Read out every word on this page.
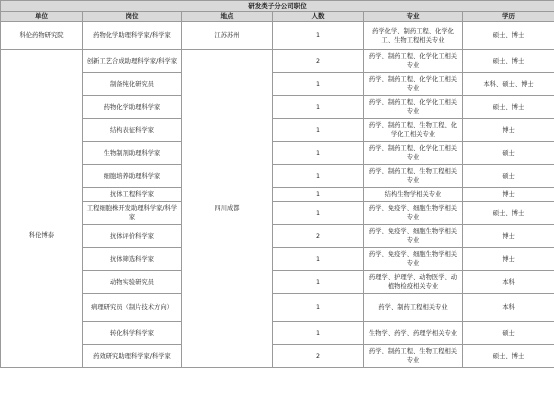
研发类子分公司职位					
单位	岗位	地点	人数	专业	学历
科伦药物研究院	药物化学助理科学家/科学家	江苏苏州	1	药学化学、制药工程、化学化工、生物工程相关专业	硕士、博士
科伦博泰	创新工艺合成助理科学家/科学家	四川成都	2	药学、制药工程、化学化工相关专业	硕士、博士
	制备纯化研究员		1	药学、制药工程、化学化工相关专业	本科、硕士、博士
	药物化学助理科学家		1	药学、制药工程、化学化工相关专业	硕士、博士
	结构表征科学家		1	药学、制药工程、生物工程、化学化工相关专业	博士
	生物制剂助理科学家		1	药学、制药工程、化学化工相关专业	硕士
	细胞培养助理科学家		1	药学、制药工程、生物工程相关专业	硕士
	抗体工程科学家		1	结构生物学相关专业	博士
	工程细胞株开发助理科学家/科学家		1	药学、免疫学、细胞生物学相关专业	硕士、博士
	抗体评价科学家		2	药学、免疫学、细胞生物学相关专业	博士
	抗体筛选科学家		1	药学、免疫学、细胞生物学相关专业	博士
	动物实验研究员		1	药理学、护理学、动物医学、动植物检疫相关专业	本科
	病理研究员（制片技术方向）		1	药学、制药工程相关专业	本科
	转化科学科学家		1	生物学、药学、药理学相关专业	硕士
	药效研究助理科学家/科学家		2	药学、制药工程、生物工程相关专业	硕士、博士
